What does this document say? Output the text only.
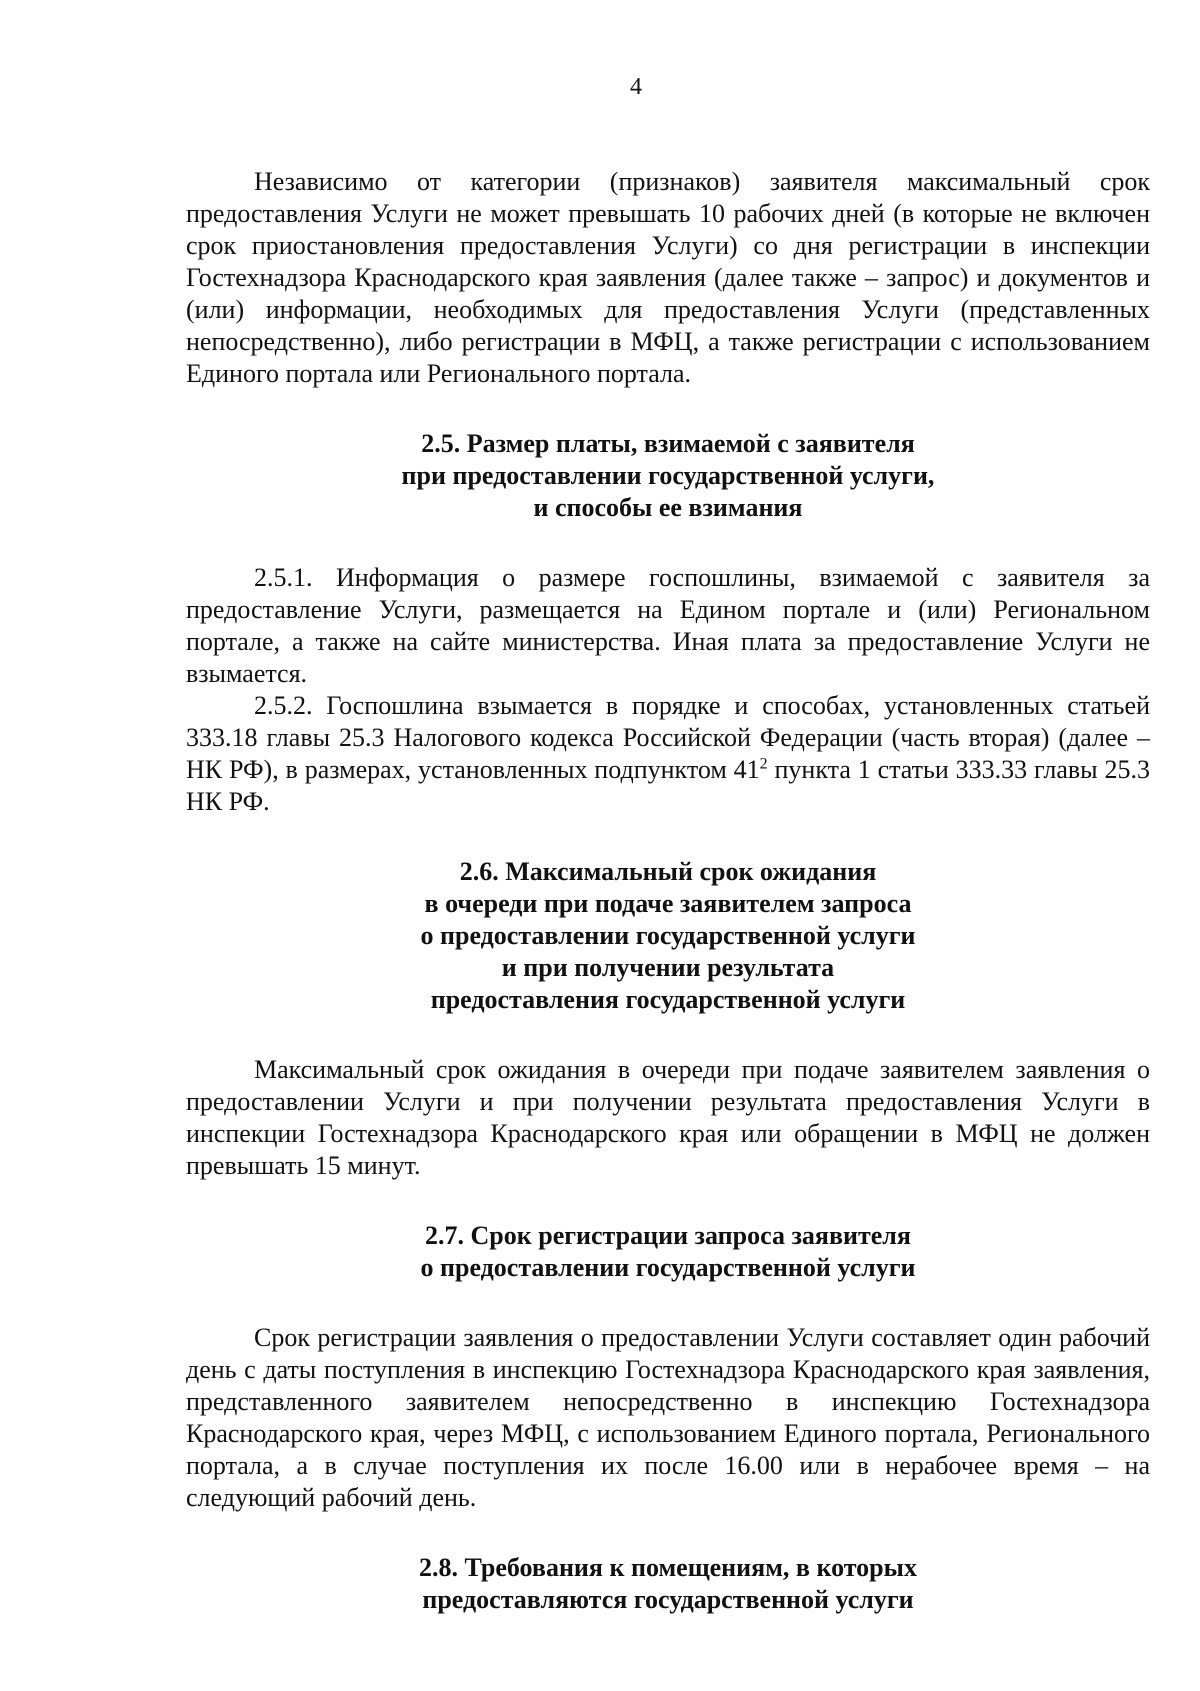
4

Независимо от категории (признаков) заявителя максимальный срок предоставления Услуги не может превышать 10 рабочих дней (в которые не включен срок приостановления предоставления Услуги) со дня регистрации в инспекции Гостехнадзора Краснодарского края заявления (далее также – запрос) и документов и (или) информации, необходимых для предоставления Услуги (представленных непосредственно), либо регистрации в МФЦ, а также регистрации с использованием Единого портала или Регионального портала.

2.5. Размер платы, взимаемой с заявителя
при предоставлении государственной услуги,
и способы ее взимания

2.5.1. Информация о размере госпошлины, взимаемой с заявителя за предоставление Услуги, размещается на Едином портале и (или) Региональном портале, а также на сайте министерства. Иная плата за предоставление Услуги не взымается.

2.5.2. Госпошлина взымается в порядке и способах, установленных статьей 333.18 главы 25.3 Налогового кодекса Российской Федерации (часть вторая) (далее – НК РФ), в размерах, установленных подпунктом $41^2$ пункта 1 статьи 333.33 главы 25.3 НК РФ.

2.6. Максимальный срок ожидания
в очереди при подаче заявителем запроса
о предоставлении государственной услуги
и при получении результата
предоставления государственной услуги

Максимальный срок ожидания в очереди при подаче заявителем заявления о предоставлении Услуги и при получении результата предоставления Услуги в инспекции Гостехнадзора Краснодарского края или обращении в МФЦ не должен превышать 15 минут.

2.7. Срок регистрации запроса заявителя
о предоставлении государственной услуги

Срок регистрации заявления о предоставлении Услуги составляет один рабочий день с даты поступления в инспекцию Гостехнадзора Краснодарского края заявления, представленного заявителем непосредственно в инспекцию Гостехнадзора Краснодарского края, через МФЦ, с использованием Единого портала, Регионального портала, а в случае поступления их после 16.00 или в нерабочее время – на следующий рабочий день.

2.8. Требования к помещениям, в которых
предоставляются государственной услуги
